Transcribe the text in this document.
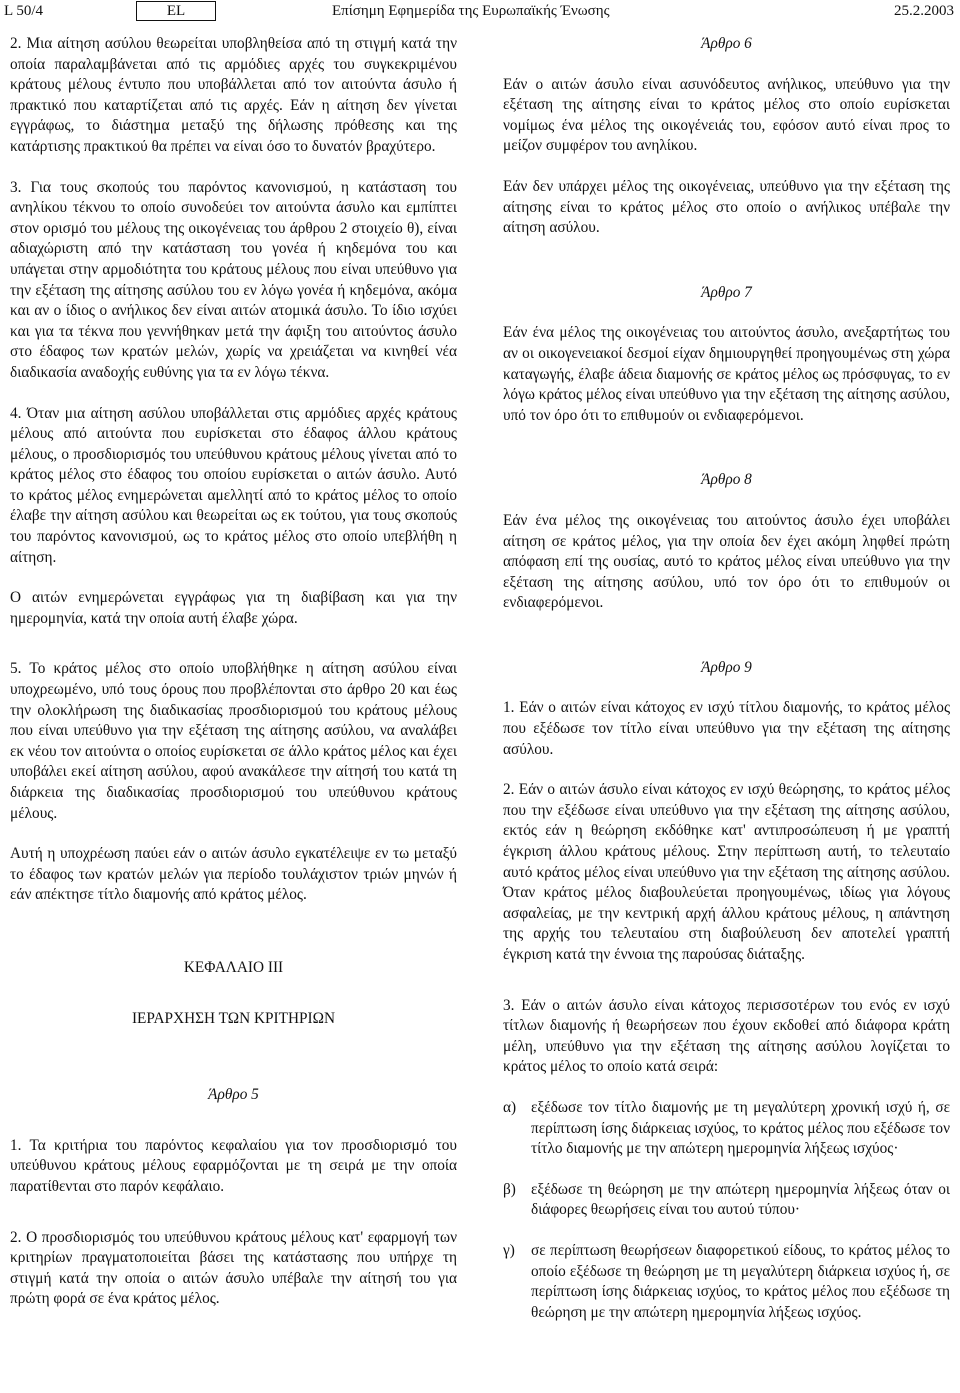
L 50/4	EL	Επίσημη Εφημερίδα της Ευρωπαϊκής Ένωσης	25.2.2003

2. Μια αίτηση ασύλου θεωρείται υποβληθείσα από τη στιγμή κατά την οποία παραλαμβάνεται από τις αρμόδιες αρχές του συγκεκριμένου κράτους μέλους έντυπο που υποβάλλεται από τον αιτούντα άσυλο ή πρακτικό που καταρτίζεται από τις αρχές. Εάν η αίτηση δεν γίνεται εγγράφως, το διάστημα μεταξύ της δήλωσης πρόθεσης και της κατάρτισης πρακτικού θα πρέπει να είναι όσο το δυνατόν βραχύτερο.

3. Για τους σκοπούς του παρόντος κανονισμού, η κατάσταση του ανηλίκου τέκνου το οποίο συνοδεύει τον αιτούντα άσυλο και εμπίπτει στον ορισμό του μέλους της οικογένειας του άρθρου 2 στοιχείο θ), είναι αδιαχώριστη από την κατάσταση του γονέα ή κηδεμόνα του και υπάγεται στην αρμοδιότητα του κράτους μέλους που είναι υπεύθυνο για την εξέταση της αίτησης ασύλου του εν λόγω γονέα ή κηδεμόνα, ακόμα και αν ο ίδιος ο ανήλικος δεν είναι αιτών ατομικά άσυλο. Το ίδιο ισχύει και για τα τέκνα που γεννήθηκαν μετά την άφιξη του αιτούντος άσυλο στο έδαφος των κρατών μελών, χωρίς να χρειάζεται να κινηθεί νέα διαδικασία αναδοχής ευθύνης για τα εν λόγω τέκνα.

4. Όταν μια αίτηση ασύλου υποβάλλεται στις αρμόδιες αρχές κράτους μέλους από αιτούντα που ευρίσκεται στο έδαφος άλλου κράτους μέλους, ο προσδιορισμός του υπεύθυνου κράτους μέλους γίνεται από το κράτος μέλος στο έδαφος του οποίου ευρίσκεται ο αιτών άσυλο. Αυτό το κράτος μέλος ενημερώνεται αμελλητί από το κράτος μέλος το οποίο έλαβε την αίτηση ασύλου και θεωρείται ως εκ τούτου, για τους σκοπούς του παρόντος κανονισμού, ως το κράτος μέλος στο οποίο υπεβλήθη η αίτηση.

Ο αιτών ενημερώνεται εγγράφως για τη διαβίβαση και για την ημερομηνία, κατά την οποία αυτή έλαβε χώρα.

5. Το κράτος μέλος στο οποίο υποβλήθηκε η αίτηση ασύλου είναι υποχρεωμένο, υπό τους όρους που προβλέπονται στο άρθρο 20 και έως την ολοκλήρωση της διαδικασίας προσδιορισμού του κράτους μέλους που είναι υπεύθυνο για την εξέταση της αίτησης ασύλου, να αναλάβει εκ νέου τον αιτούντα ο οποίος ευρίσκεται σε άλλο κράτος μέλος και έχει υποβάλει εκεί αίτηση ασύλου, αφού ανακάλεσε την αίτησή του κατά τη διάρκεια της διαδικασίας προσδιορισμού του υπεύθυνου κράτους μέλους.

Αυτή η υποχρέωση παύει εάν ο αιτών άσυλο εγκατέλειψε εν τω μεταξύ το έδαφος των κρατών μελών για περίοδο τουλάχιστον τριών μηνών ή εάν απέκτησε τίτλο διαμονής από κράτος μέλος.

ΚΕΦΑΛΑΙΟ III

ΙΕΡΑΡΧΗΣΗ ΤΩΝ ΚΡΙΤΗΡΙΩΝ

Άρθρο 5

1. Τα κριτήρια του παρόντος κεφαλαίου για τον προσδιορισμό του υπεύθυνου κράτους μέλους εφαρμόζονται με τη σειρά με την οποία παρατίθενται στο παρόν κεφάλαιο.

2. Ο προσδιορισμός του υπεύθυνου κράτους μέλους κατ' εφαρμογή των κριτηρίων πραγματοποιείται βάσει της κατάστασης που υπήρχε τη στιγμή κατά την οποία ο αιτών άσυλο υπέβαλε την αίτησή του για πρώτη φορά σε ένα κράτος μέλος.

Άρθρο 6

Εάν ο αιτών άσυλο είναι ασυνόδευτος ανήλικος, υπεύθυνο για την εξέταση της αίτησης είναι το κράτος μέλος στο οποίο ευρίσκεται νομίμως ένα μέλος της οικογένειάς του, εφόσον αυτό είναι προς το μείζον συμφέρον του ανηλίκου.

Εάν δεν υπάρχει μέλος της οικογένειας, υπεύθυνο για την εξέταση της αίτησης είναι το κράτος μέλος στο οποίο ο ανήλικος υπέβαλε την αίτηση ασύλου.

Άρθρο 7

Εάν ένα μέλος της οικογένειας του αιτούντος άσυλο, ανεξαρτήτως του αν οι οικογενειακοί δεσμοί είχαν δημιουργηθεί προηγουμένως στη χώρα καταγωγής, έλαβε άδεια διαμονής σε κράτος μέλος ως πρόσφυγας, το εν λόγω κράτος μέλος είναι υπεύθυνο για την εξέταση της αίτησης ασύλου, υπό τον όρο ότι το επιθυμούν οι ενδιαφερόμενοι.

Άρθρο 8

Εάν ένα μέλος της οικογένειας του αιτούντος άσυλο έχει υποβάλει αίτηση σε κράτος μέλος, για την οποία δεν έχει ακόμη ληφθεί πρώτη απόφαση επί της ουσίας, αυτό το κράτος μέλος είναι υπεύθυνο για την εξέταση της αίτησης ασύλου, υπό τον όρο ότι το επιθυμούν οι ενδιαφερόμενοι.

Άρθρο 9

1. Εάν ο αιτών είναι κάτοχος εν ισχύ τίτλου διαμονής, το κράτος μέλος που εξέδωσε τον τίτλο είναι υπεύθυνο για την εξέταση της αίτησης ασύλου.

2. Εάν ο αιτών άσυλο είναι κάτοχος εν ισχύ θεώρησης, το κράτος μέλος που την εξέδωσε είναι υπεύθυνο για την εξέταση της αίτησης ασύλου, εκτός εάν η θεώρηση εκδόθηκε κατ' αντιπροσώπευση ή με γραπτή έγκριση άλλου κράτους μέλους. Στην περίπτωση αυτή, το τελευταίο αυτό κράτος μέλος είναι υπεύθυνο για την εξέταση της αίτησης ασύλου. Όταν κράτος μέλος διαβουλεύεται προηγουμένως, ιδίως για λόγους ασφαλείας, με την κεντρική αρχή άλλου κράτους μέλους, η απάντηση της αρχής του τελευταίου στη διαβούλευση δεν αποτελεί γραπτή έγκριση κατά την έννοια της παρούσας διάταξης.

3. Εάν ο αιτών άσυλο είναι κάτοχος περισσοτέρων του ενός εν ισχύ τίτλων διαμονής ή θεωρήσεων που έχουν εκδοθεί από διάφορα κράτη μέλη, υπεύθυνο για την εξέταση της αίτησης ασύλου λογίζεται το κράτος μέλος το οποίο κατά σειρά:

α) εξέδωσε τον τίτλο διαμονής με τη μεγαλύτερη χρονική ισχύ ή, σε περίπτωση ίσης διάρκειας ισχύος, το κράτος μέλος που εξέδωσε τον τίτλο διαμονής με την απώτερη ημερομηνία λήξεως ισχύος·
β) εξέδωσε τη θεώρηση με την απώτερη ημερομηνία λήξεως όταν οι διάφορες θεωρήσεις είναι του αυτού τύπου·
γ)	σε περίπτωση θεωρήσεων διαφορετικού είδους, το κράτος μέλος το οποίο εξέδωσε τη θεώρηση με τη μεγαλύτερη διάρκεια ισχύος ή, σε περίπτωση ίσης διάρκειας ισχύος, το κράτος μέλος που εξέδωσε τη θεώρηση με την απώτερη ημερομηνία λήξεως ισχύος.
